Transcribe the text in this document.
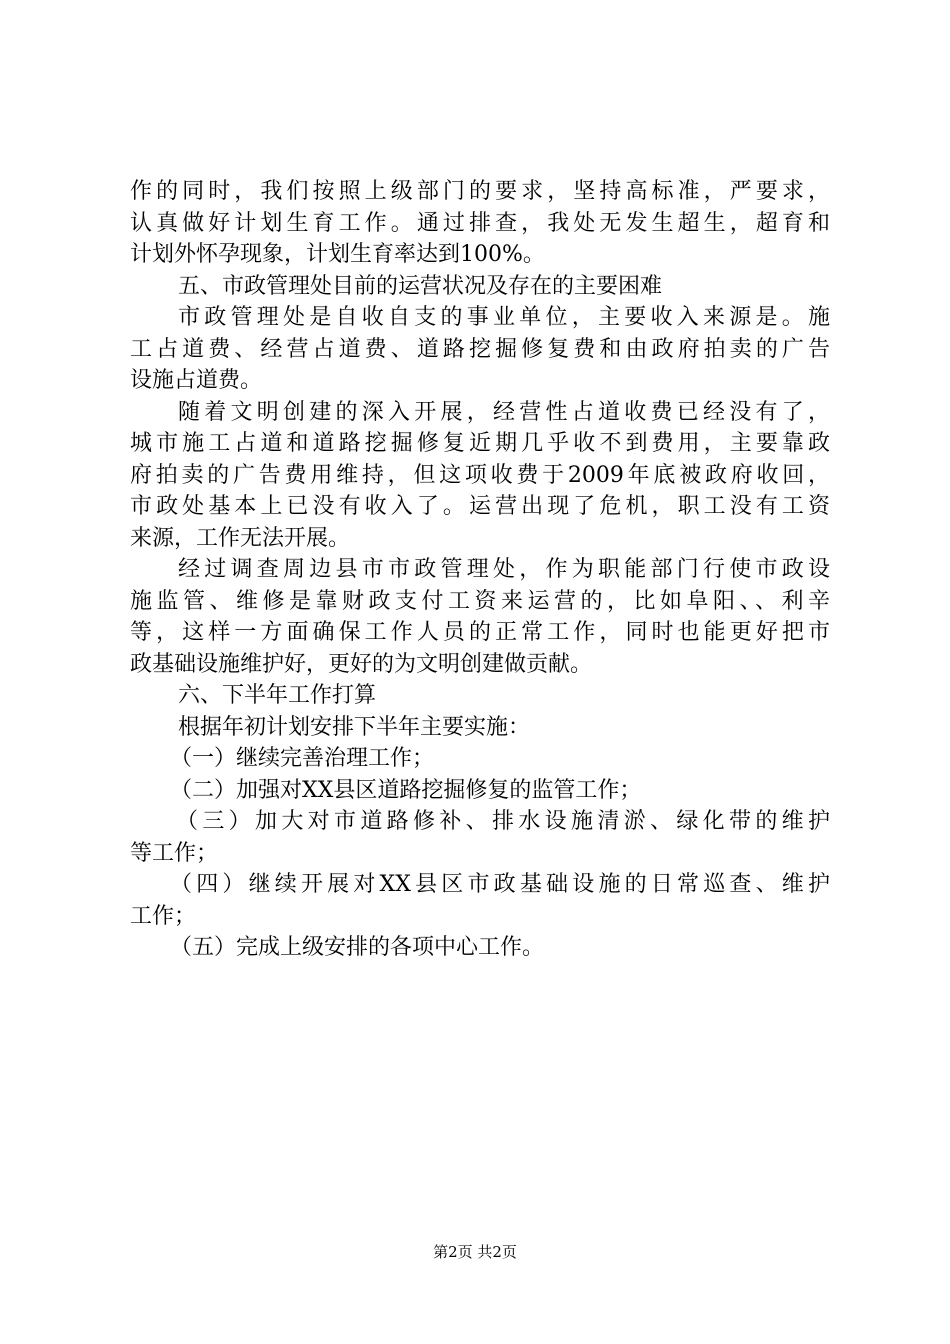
作的同时，我们按照上级部门的要求，坚持高标准，严要求，
认真做好计划生育工作。通过排查，我处无发生超生，超育和
计划外怀孕现象，计划生育率达到100%。
五、市政管理处目前的运营状况及存在的主要困难
市政管理处是自收自支的事业单位，主要收入来源是。施
工占道费、经营占道费、道路挖掘修复费和由政府拍卖的广告
设施占道费。
随着文明创建的深入开展，经营性占道收费已经没有了，
城市施工占道和道路挖掘修复近期几乎收不到费用，主要靠政
府拍卖的广告费用维持，但这项收费于2009年底被政府收回，
市政处基本上已没有收入了。运营出现了危机，职工没有工资
来源，工作无法开展。
经过调查周边县市市政管理处，作为职能部门行使市政设
施监管、维修是靠财政支付工资来运营的，比如阜阳、、利辛
等，这样一方面确保工作人员的正常工作，同时也能更好把市
政基础设施维护好，更好的为文明创建做贡献。
六、下半年工作打算
根据年初计划安排下半年主要实施：
（一）继续完善治理工作；
（二）加强对XX县区道路挖掘修复的监管工作；
（三）加大对市道路修补、排水设施清淤、绿化带的维护
等工作；
（四）继续开展对XX县区市政基础设施的日常巡查、维护
工作；
（五）完成上级安排的各项中心工作。
第2页 共2页
